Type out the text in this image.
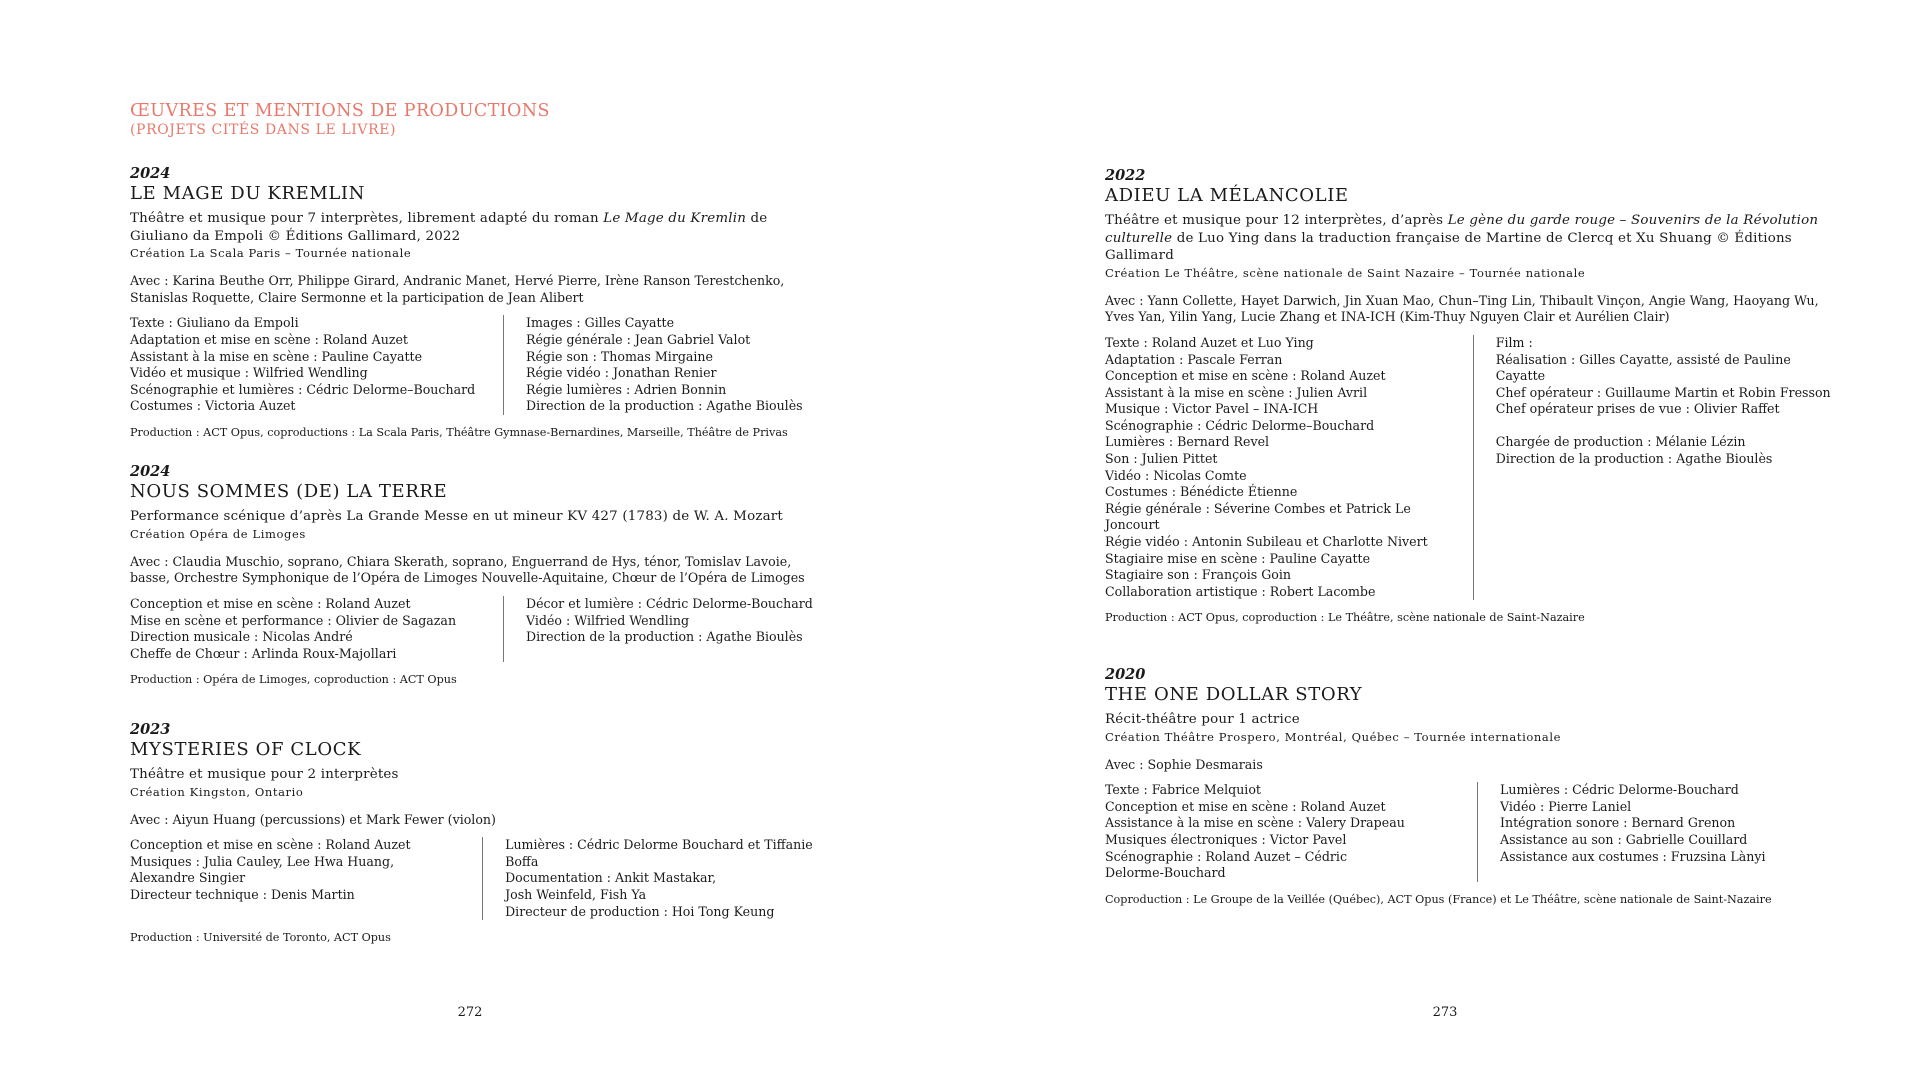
ŒUVRES ET MENTIONS DE PRODUCTIONS
(PROJETS CITÉS DANS LE LIVRE)
2024
LE MAGE DU KREMLIN
Théâtre et musique pour 7 interprètes, librement adapté du roman Le Mage du Kremlin de Giuliano da Empoli © Éditions Gallimard, 2022
Création La Scala Paris – Tournée nationale
Avec : Karina Beuthe Orr, Philippe Girard, Andranic Manet, Hervé Pierre, Irène Ranson Terestchenko, Stanislas Roquette, Claire Sermonne et la participation de Jean Alibert
Texte : Giuliano da Empoli
Adaptation et mise en scène : Roland Auzet
Assistant à la mise en scène : Pauline Cayatte
Vidéo et musique : Wilfried Wendling
Scénographie et lumières : Cédric Delorme–Bouchard
Costumes : Victoria Auzet
Images : Gilles Cayatte
Régie générale : Jean Gabriel Valot
Régie son : Thomas Mirgaine
Régie vidéo : Jonathan Renier
Régie lumières : Adrien Bonnin
Direction de la production : Agathe Bioulès
Production : ACT Opus, coproductions : La Scala Paris, Théâtre Gymnase-Bernardines, Marseille, Théâtre de Privas
2024
NOUS SOMMES (DE) LA TERRE
Performance scénique d’après La Grande Messe en ut mineur KV 427 (1783) de W. A. Mozart
Création Opéra de Limoges
Avec : Claudia Muschio, soprano, Chiara Skerath, soprano, Enguerrand de Hys, ténor, Tomislav Lavoie, basse, Orchestre Symphonique de l’Opéra de Limoges Nouvelle-Aquitaine, Chœur de l’Opéra de Limoges
Conception et mise en scène : Roland Auzet
Mise en scène et performance : Olivier de Sagazan
Direction musicale : Nicolas André
Cheffe de Chœur : Arlinda Roux-Majollari
Décor et lumière : Cédric Delorme-Bouchard
Vidéo : Wilfried Wendling
Direction de la production : Agathe Bioulès
Production : Opéra de Limoges, coproduction : ACT Opus
2023
MYSTERIES OF CLOCK
Théâtre et musique pour 2 interprètes
Création Kingston, Ontario
Avec : Aiyun Huang (percussions) et Mark Fewer (violon)
Conception et mise en scène : Roland Auzet
Musiques : Julia Cauley, Lee Hwa Huang,
Alexandre Singier
Directeur technique : Denis Martin
Lumières : Cédric Delorme Bouchard et Tiffanie Boffa
Documentation : Ankit Mastakar,
Josh Weinfeld, Fish Ya
Directeur de production : Hoi Tong Keung
Production : Université de Toronto, ACT Opus
272
2022
ADIEU LA MÉLANCOLIE
Théâtre et musique pour 12 interprètes, d’après Le gène du garde rouge – Souvenirs de la Révolution culturelle de Luo Ying dans la traduction française de Martine de Clercq et Xu Shuang © Éditions Gallimard
Création Le Théâtre, scène nationale de Saint Nazaire – Tournée nationale
Avec : Yann Collette, Hayet Darwich, Jin Xuan Mao, Chun–Ting Lin, Thibault Vinçon, Angie Wang, Haoyang Wu, Yves Yan, Yilin Yang, Lucie Zhang et INA-ICH (Kim-Thuy Nguyen Clair et Aurélien Clair)
Texte : Roland Auzet et Luo Ying
Adaptation : Pascale Ferran
Conception et mise en scène : Roland Auzet
Assistant à la mise en scène : Julien Avril
Musique : Victor Pavel – INA-ICH
Scénographie : Cédric Delorme–Bouchard
Lumières : Bernard Revel
Son : Julien Pittet
Vidéo : Nicolas Comte
Costumes : Bénédicte Étienne
Régie générale : Séverine Combes et Patrick Le
Joncourt
Régie vidéo : Antonin Subileau et Charlotte Nivert
Stagiaire mise en scène : Pauline Cayatte
Stagiaire son : François Goin
Collaboration artistique : Robert Lacombe
Film :
Réalisation : Gilles Cayatte, assisté de Pauline Cayatte
Chef opérateur : Guillaume Martin et Robin Fresson
Chef opérateur prises de vue : Olivier Raffet
Chargée de production : Mélanie Lézin
Direction de la production : Agathe Bioulès
Production : ACT Opus, coproduction : Le Théâtre, scène nationale de Saint-Nazaire
2020
THE ONE DOLLAR STORY
Récit-théâtre pour 1 actrice
Création Théâtre Prospero, Montréal, Québec – Tournée internationale
Avec : Sophie Desmarais
Texte : Fabrice Melquiot
Conception et mise en scène : Roland Auzet
Assistance à la mise en scène : Valery Drapeau
Musiques électroniques : Victor Pavel
Scénographie : Roland Auzet – Cédric
Delorme-Bouchard
Lumières : Cédric Delorme-Bouchard
Vidéo : Pierre Laniel
Intégration sonore : Bernard Grenon
Assistance au son : Gabrielle Couillard
Assistance aux costumes : Fruzsina Lànyi
Coproduction : Le Groupe de la Veillée (Québec), ACT Opus (France) et Le Théâtre, scène nationale de Saint-Nazaire
273
